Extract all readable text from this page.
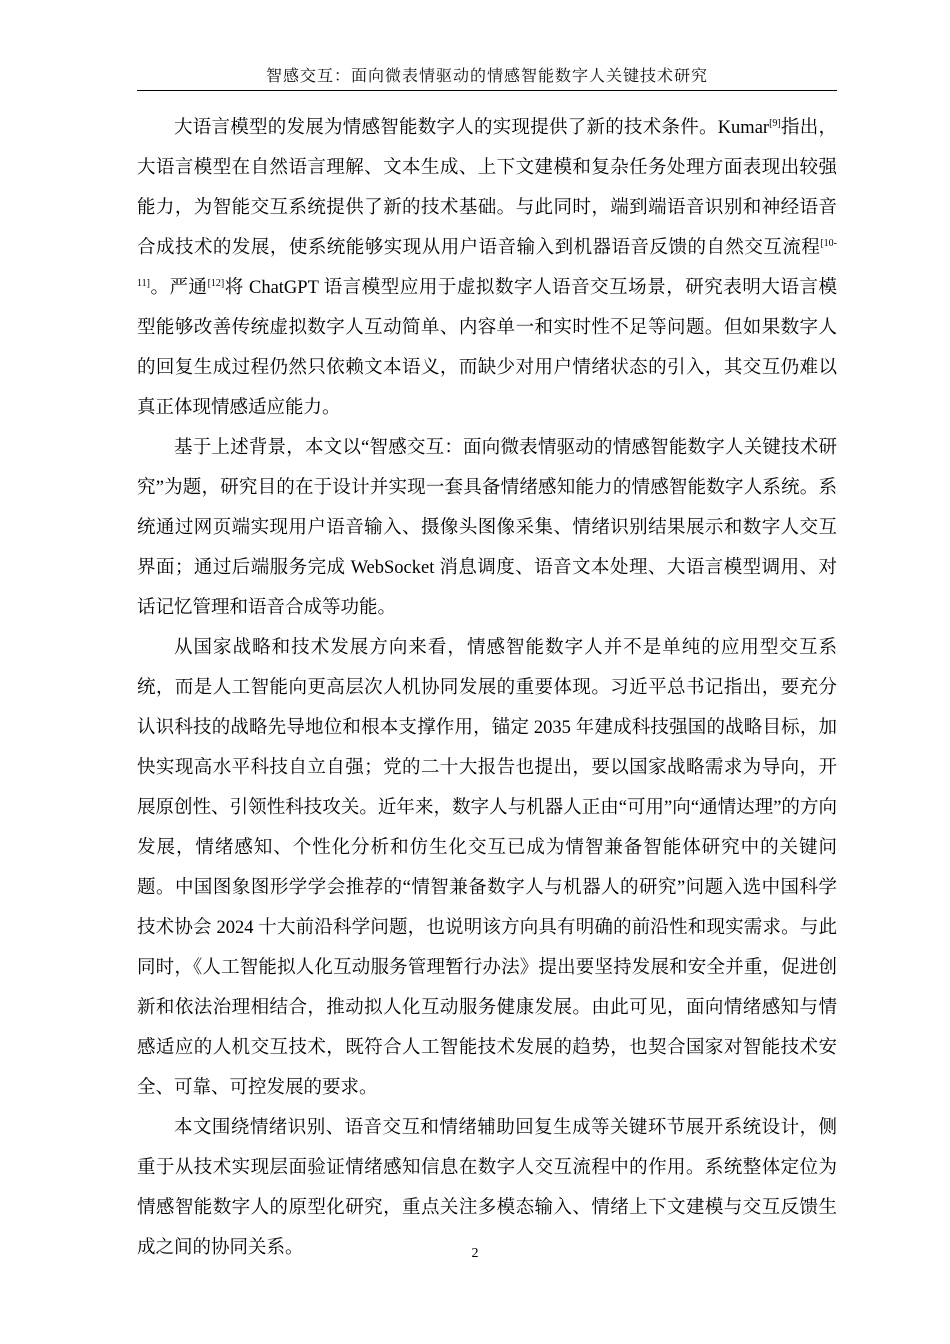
智感交互：面向微表情驱动的情感智能数字人关键技术研究

大语言模型的发展为情感智能数字人的实现提供了新的技术条件。Kumar[9]指出，大语言模型在自然语言理解、文本生成、上下文建模和复杂任务处理方面表现出较强能力，为智能交互系统提供了新的技术基础。与此同时，端到端语音识别和神经语音合成技术的发展，使系统能够实现从用户语音输入到机器语音反馈的自然交互流程[10-11]。严通[12]将 ChatGPT 语言模型应用于虚拟数字人语音交互场景，研究表明大语言模型能够改善传统虚拟数字人互动简单、内容单一和实时性不足等问题。但如果数字人的回复生成过程仍然只依赖文本语义，而缺少对用户情绪状态的引入，其交互仍难以真正体现情感适应能力。

基于上述背景，本文以“智感交互：面向微表情驱动的情感智能数字人关键技术研究”为题，研究目的在于设计并实现一套具备情绪感知能力的情感智能数字人系统。系统通过网页端实现用户语音输入、摄像头图像采集、情绪识别结果展示和数字人交互界面；通过后端服务完成 WebSocket 消息调度、语音文本处理、大语言模型调用、对话记忆管理和语音合成等功能。

从国家战略和技术发展方向来看，情感智能数字人并不是单纯的应用型交互系统，而是人工智能向更高层次人机协同发展的重要体现。习近平总书记指出，要充分认识科技的战略先导地位和根本支撑作用，锚定 2035 年建成科技强国的战略目标，加快实现高水平科技自立自强；党的二十大报告也提出，要以国家战略需求为导向，开展原创性、引领性科技攻关。近年来，数字人与机器人正由“可用”向“通情达理”的方向发展，情绪感知、个性化分析和仿生化交互已成为情智兼备智能体研究中的关键问题。中国图象图形学学会推荐的“情智兼备数字人与机器人的研究”问题入选中国科学技术协会 2024 十大前沿科学问题，也说明该方向具有明确的前沿性和现实需求。与此同时，《人工智能拟人化互动服务管理暂行办法》提出要坚持发展和安全并重，促进创新和依法治理相结合，推动拟人化互动服务健康发展。由此可见，面向情绪感知与情感适应的人机交互技术，既符合人工智能技术发展的趋势，也契合国家对智能技术安全、可靠、可控发展的要求。

本文围绕情绪识别、语音交互和情绪辅助回复生成等关键环节展开系统设计，侧重于从技术实现层面验证情绪感知信息在数字人交互流程中的作用。系统整体定位为情感智能数字人的原型化研究，重点关注多模态输入、情绪上下文建模与交互反馈生成之间的协同关系。	2
